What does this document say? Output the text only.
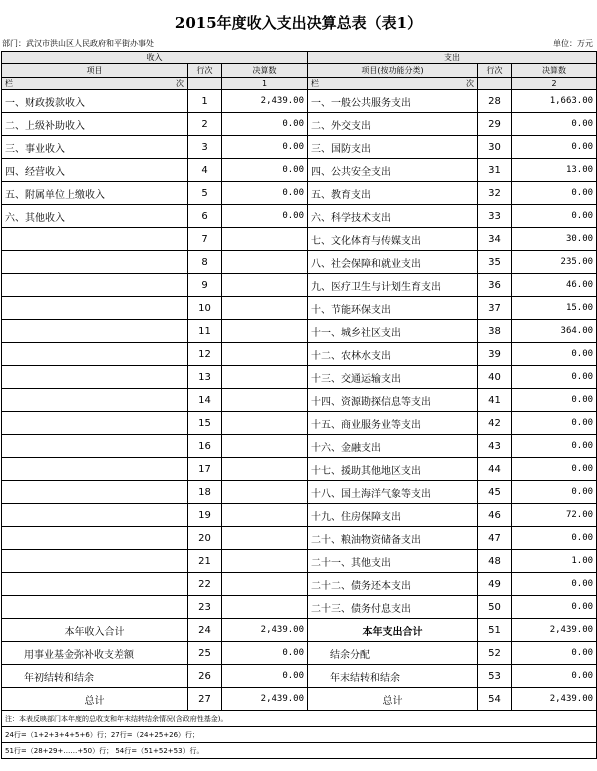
2015年度收入支出决算总表（表1）
部门：武汉市洪山区人民政府和平街办事处	单位：万元
收入			支出		
项目	行次	决算数	项目(按功能分类)	行次	决算数

栏 次		1	栏 次		2
一、财政拨款收入	1	2,439.00	一、一般公共服务支出	28	1,663.00
二、上级补助收入	2	0.00	二、外交支出	29	0.00
三、事业收入	3	0.00	三、国防支出	30	0.00
四、经营收入	4	0.00	四、公共安全支出	31	13.00
五、附属单位上缴收入	5	0.00	五、教育支出	32	0.00
六、其他收入	6	0.00	六、科学技术支出	33	0.00
	7		七、文化体育与传媒支出	34	30.00
	8		八、社会保障和就业支出	35	235.00
	9		九、医疗卫生与计划生育支出	36	46.00
	10		十、节能环保支出	37	15.00
	11		十一、城乡社区支出	38	364.00
	12		十二、农林水支出	39	0.00
	13		十三、交通运输支出	40	0.00
	14		十四、资源勘探信息等支出	41	0.00
	15		十五、商业服务业等支出	42	0.00
	16		十六、金融支出	43	0.00
	17		十七、援助其他地区支出	44	0.00
	18		十八、国土海洋气象等支出	45	0.00
	19		十九、住房保障支出	46	72.00
	20		二十、粮油物资储备支出	47	0.00
	21		二十一、其他支出	48	1.00
	22		二十二、债务还本支出	49	0.00
	23		二十三、债务付息支出	50	0.00
本年收入合计	24	2,439.00	本年支出合计	51	2,439.00
用事业基金弥补收支差额	25	0.00	结余分配	52	0.00
年初结转和结余	26	0.00	年末结转和结余	53	0.00
总计	27	2,439.00	总计	54	2,439.00
注：本表反映部门本年度的总收支和年末结转结余情况(含政府性基金)。					
24行=（1+2+3+4+5+6）行；27行=（24+25+26）行；					
51行=（28+29+……+50）行； 54行=（51+52+53）行。					
